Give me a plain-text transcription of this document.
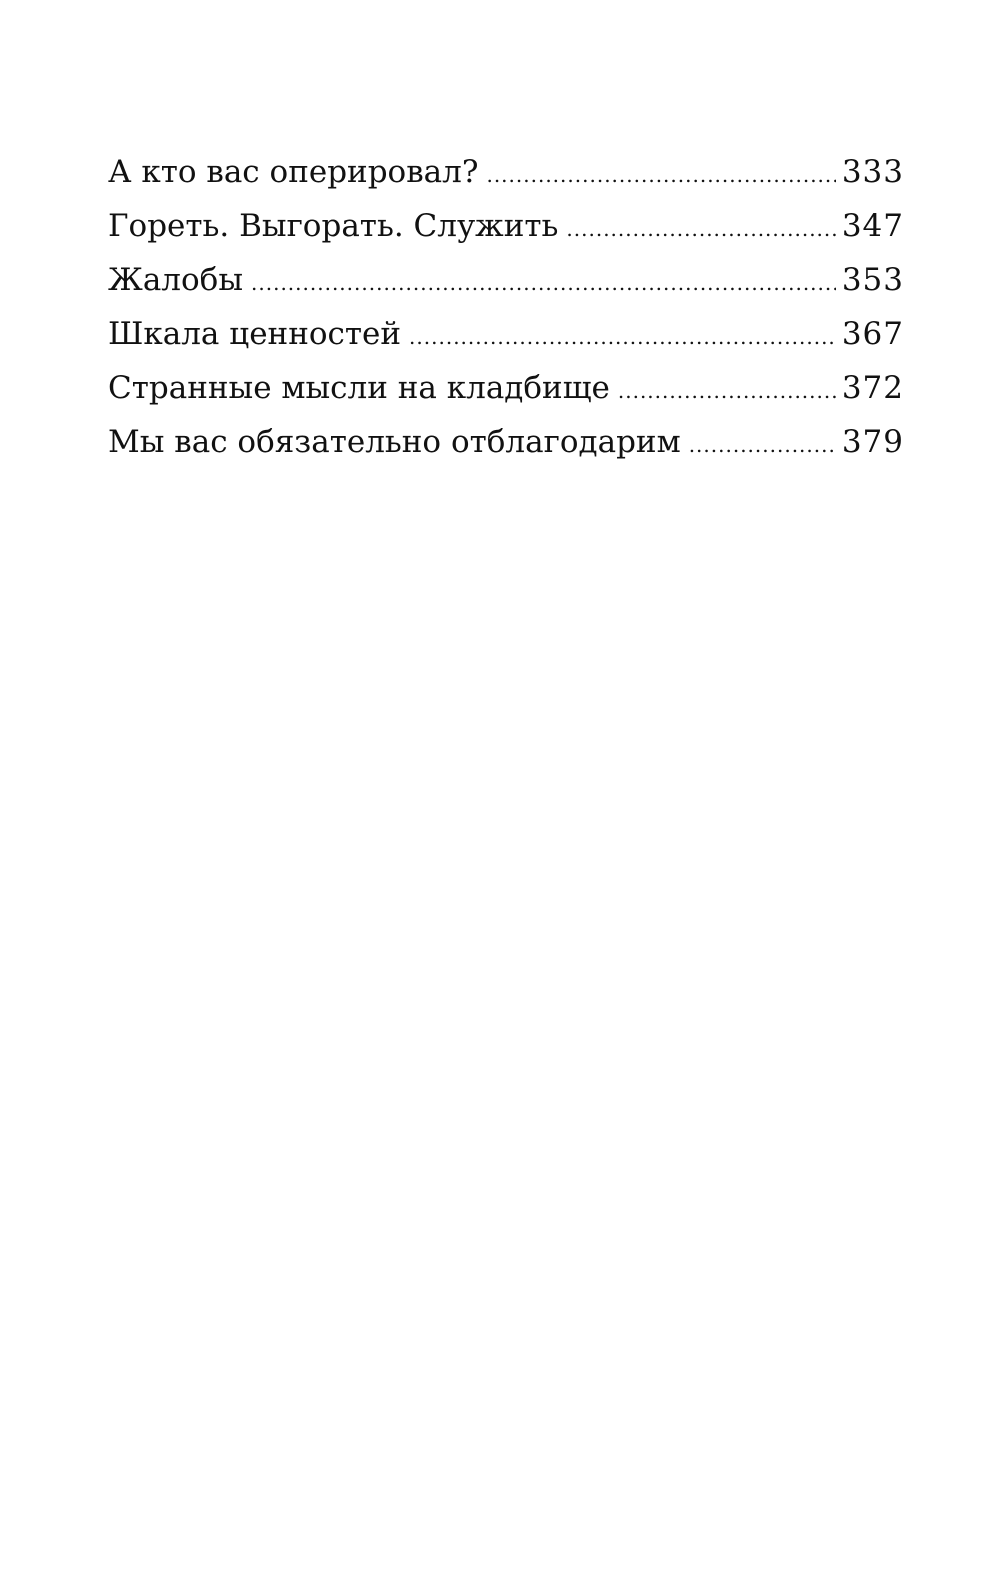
А кто вас оперировал? .....	333
Гореть. Выгорать. Служить .....	347
Жалобы .....	353
Шкала ценностей .....	367
Странные мысли на кладбище .....	372
Мы вас обязательно отблагодарим .....	379
